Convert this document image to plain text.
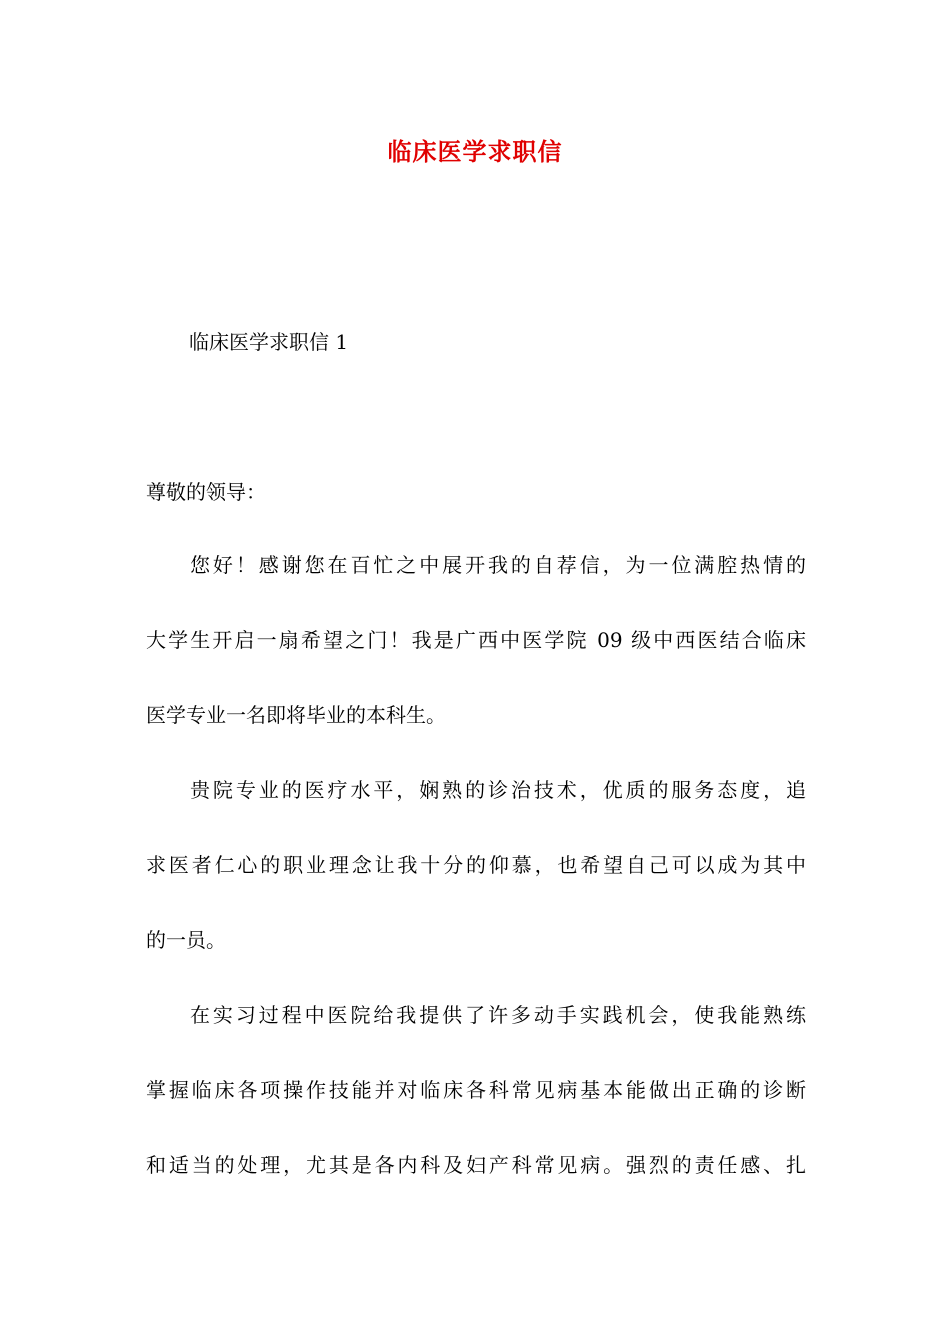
临床医学求职信
临床医学求职信 1
尊敬的领导：
您好！感谢您在百忙之中展开我的自荐信，为一位满腔热情的
大学生开启一扇希望之门！我是广西中医学院 09 级中西医结合临床
医学专业一名即将毕业的本科生。
贵院专业的医疗水平，娴熟的诊治技术，优质的服务态度，追
求医者仁心的职业理念让我十分的仰慕，也希望自己可以成为其中
的一员。
在实习过程中医院给我提供了许多动手实践机会，使我能熟练
掌握临床各项操作技能并对临床各科常见病基本能做出正确的诊断
和适当的处理，尤其是各内科及妇产科常见病。强烈的责任感、扎
